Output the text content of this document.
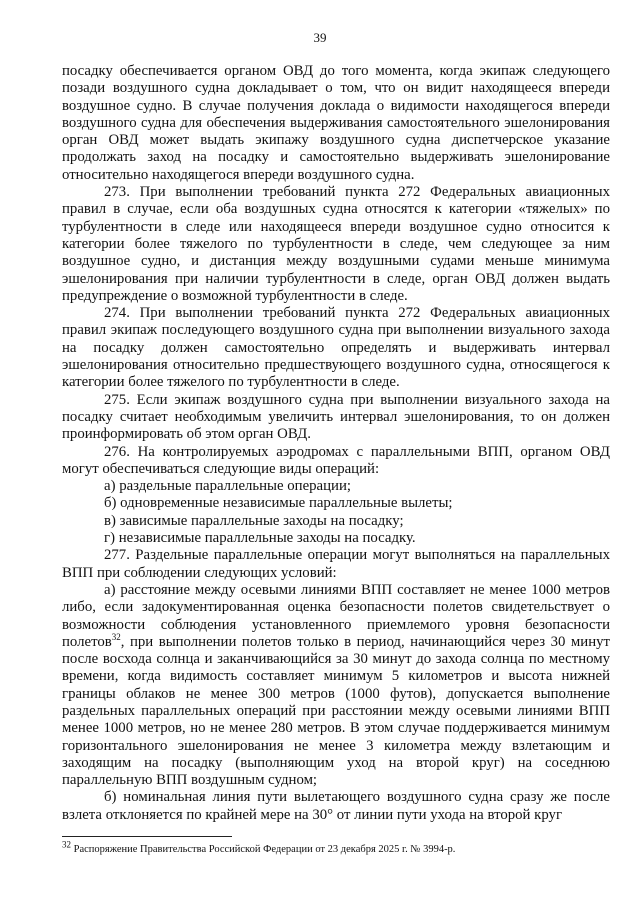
39

посадку обеспечивается органом ОВД до того момента, когда экипаж следующего позади воздушного судна докладывает о том, что он видит находящееся впереди воздушное судно. В случае получения доклада о видимости находящегося впереди воздушного судна для обеспечения выдерживания самостоятельного эшелонирования орган ОВД может выдать экипажу воздушного судна диспетчерское указание продолжать заход на посадку и самостоятельно выдерживать эшелонирование относительно находящегося впереди воздушного судна.

273. При выполнении требований пункта 272 Федеральных авиационных правил в случае, если оба воздушных судна относятся к категории «тяжелых» по турбулентности в следе или находящееся впереди воздушное судно относится к категории более тяжелого по турбулентности в следе, чем следующее за ним воздушное судно, и дистанция между воздушными судами меньше минимума эшелонирования при наличии турбулентности в следе, орган ОВД должен выдать предупреждение о возможной турбулентности в следе.

274. При выполнении требований пункта 272 Федеральных авиационных правил экипаж последующего воздушного судна при выполнении визуального захода на посадку должен самостоятельно определять и выдерживать интервал эшелонирования относительно предшествующего воздушного судна, относящегося к категории более тяжелого по турбулентности в следе.

275. Если экипаж воздушного судна при выполнении визуального захода на посадку считает необходимым увеличить интервал эшелонирования, то он должен проинформировать об этом орган ОВД.

276. На контролируемых аэродромах с параллельными ВПП, органом ОВД могут обеспечиваться следующие виды операций:

а) раздельные параллельные операции;

б) одновременные независимые параллельные вылеты;

в) зависимые параллельные заходы на посадку;

г) независимые параллельные заходы на посадку.

277. Раздельные параллельные операции могут выполняться на параллельных ВПП при соблюдении следующих условий:

а) расстояние между осевыми линиями ВПП составляет не менее 1000 метров либо, если задокументированная оценка безопасности полетов свидетельствует о возможности соблюдения установленного приемлемого уровня безопасности полетов$^{32}$, при выполнении полетов только в период, начинающийся через 30 минут после восхода солнца и заканчивающийся за 30 минут до захода солнца по местному времени, когда видимость составляет минимум 5 километров и высота нижней границы облаков не менее 300 метров (1000 футов), допускается выполнение раздельных параллельных операций при расстоянии между осевыми линиями ВПП менее 1000 метров, но не менее 280 метров. В этом случае поддерживается минимум горизонтального эшелонирования не менее 3 километра между взлетающим и заходящим на посадку (выполняющим уход на второй круг) на соседнюю параллельную ВПП воздушным судном;

б) номинальная линия пути вылетающего воздушного судна сразу же после взлета отклоняется по крайней мере на 30° от линии пути ухода на второй круг

32 Распоряжение Правительства Российской Федерации от 23 декабря 2025 г. № 3994-р.
